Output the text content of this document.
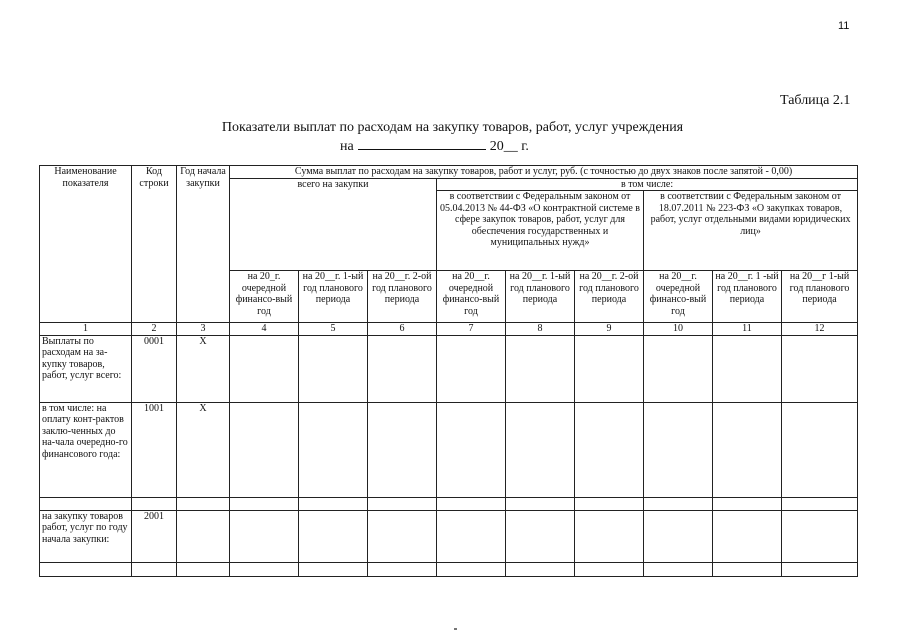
11
Таблица 2.1
Показатели выплат по расходам на закупку товаров, работ, услуг учреждения
на	20__ г.
Наименование показателя	Код строки	Год начала закупки	Сумма выплат по расходам на закупку товаров, работ и услуг, руб. (с точностью до двух знаков после запятой - 0,00)								
			всего на закупки			в том числе:					
						в соответствии с Федеральным законом от 05.04.2013 № 44-ФЗ «О контрактной системе в сфере закупок товаров, работ, услуг для обеспечения государственных и муниципальных нужд»			в соответствии с Федеральным законом от 18.07.2011 № 223-ФЗ «О закупках товаров, работ, услуг отдельными видами юридических лиц»		
			на 20_г. очередной финансо-вый год	на 20__г. 1-ый год планового периода	на 20__г. 2-ой год планового периода	на 20__г. очередной финансо-вый год	на 20__г. 1-ый год планового периода	на 20__г. 2-ой год планового периода	на 20__г. очередной финансо-вый год	на 20__г. 1 -ый год планового периода	на 20__г 1-ый год планового периода
1	2	3	4	5	6	7	8	9	10	11	12
Выплаты по расходам на за-купку товаров, работ, услуг всего:	0001	X									
в том числе: на оплату конт-рактов заклю-ченных до на-чала очередно-го финансового года:	1001	X									

на закупку товаров работ, услуг по году начала закупки:	2001										
